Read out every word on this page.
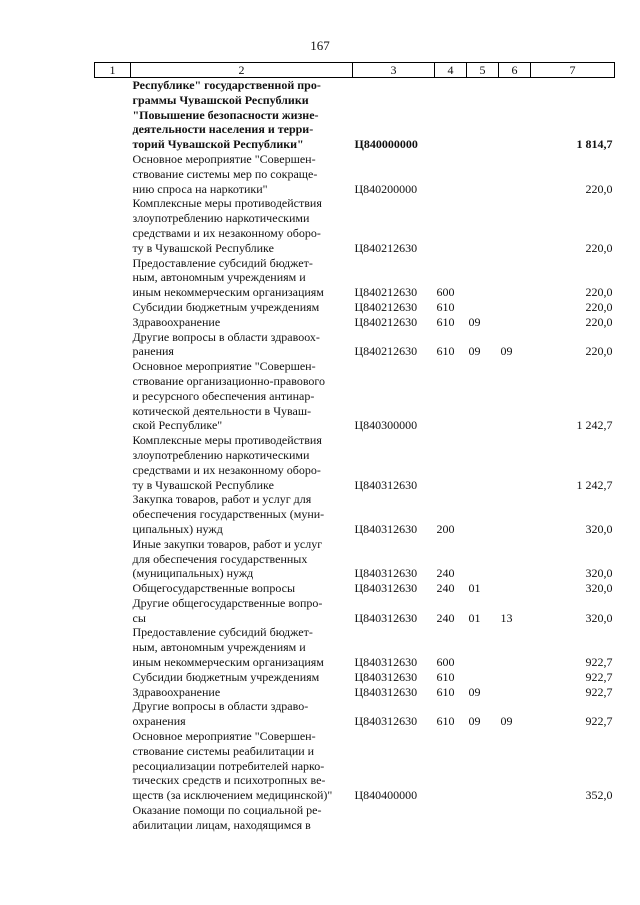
167
1	2	3	4	5	6	7
	Республике" государственной про-
граммы Чувашской Республики
"Повышение безопасности жизне-
деятельности населения и терри-
торий Чувашской Республики"	Ц840000000				1 814,7
	Основное мероприятие "Совершен-
ствование системы мер по сокраще-
нию спроса на наркотики"	Ц840200000				220,0
	Комплексные меры противодействия
злоупотреблению наркотическими
средствами и их незаконному оборо-
ту в Чувашской Республике	Ц840212630				220,0
	Предоставление субсидий бюджет-
ным, автономным учреждениям и
иным некоммерческим организациям	Ц840212630	600			220,0
	Субсидии бюджетным учреждениям	Ц840212630	610			220,0
	Здравоохранение	Ц840212630	610	09		220,0
	Другие вопросы в области здравоох-
ранения	Ц840212630	610	09	09	220,0
	Основное мероприятие "Совершен-
ствование организационно-правового
и ресурсного обеспечения антинар-
котической деятельности в Чуваш-
ской Республике"	Ц840300000				1 242,7
	Комплексные меры противодействия
злоупотреблению наркотическими
средствами и их незаконному оборо-
ту в Чувашской Республике	Ц840312630				1 242,7
	Закупка товаров, работ и услуг для
обеспечения государственных (муни-
ципальных) нужд	Ц840312630	200			320,0
	Иные закупки товаров, работ и услуг
для обеспечения государственных
(муниципальных) нужд	Ц840312630	240			320,0
	Общегосударственные вопросы	Ц840312630	240	01		320,0
	Другие общегосударственные вопро-
сы	Ц840312630	240	01	13	320,0
	Предоставление субсидий бюджет-
ным, автономным учреждениям и
иным некоммерческим организациям	Ц840312630	600			922,7
	Субсидии бюджетным учреждениям	Ц840312630	610			922,7
	Здравоохранение	Ц840312630	610	09		922,7
	Другие вопросы в области здраво-
охранения	Ц840312630	610	09	09	922,7
	Основное мероприятие "Совершен-
ствование системы реабилитации и
ресоциализации потребителей нарко-
тических средств и психотропных ве-
ществ (за исключением медицинской)"	Ц840400000				352,0
	Оказание помощи по социальной ре-
абилитации лицам, находящимся в					
